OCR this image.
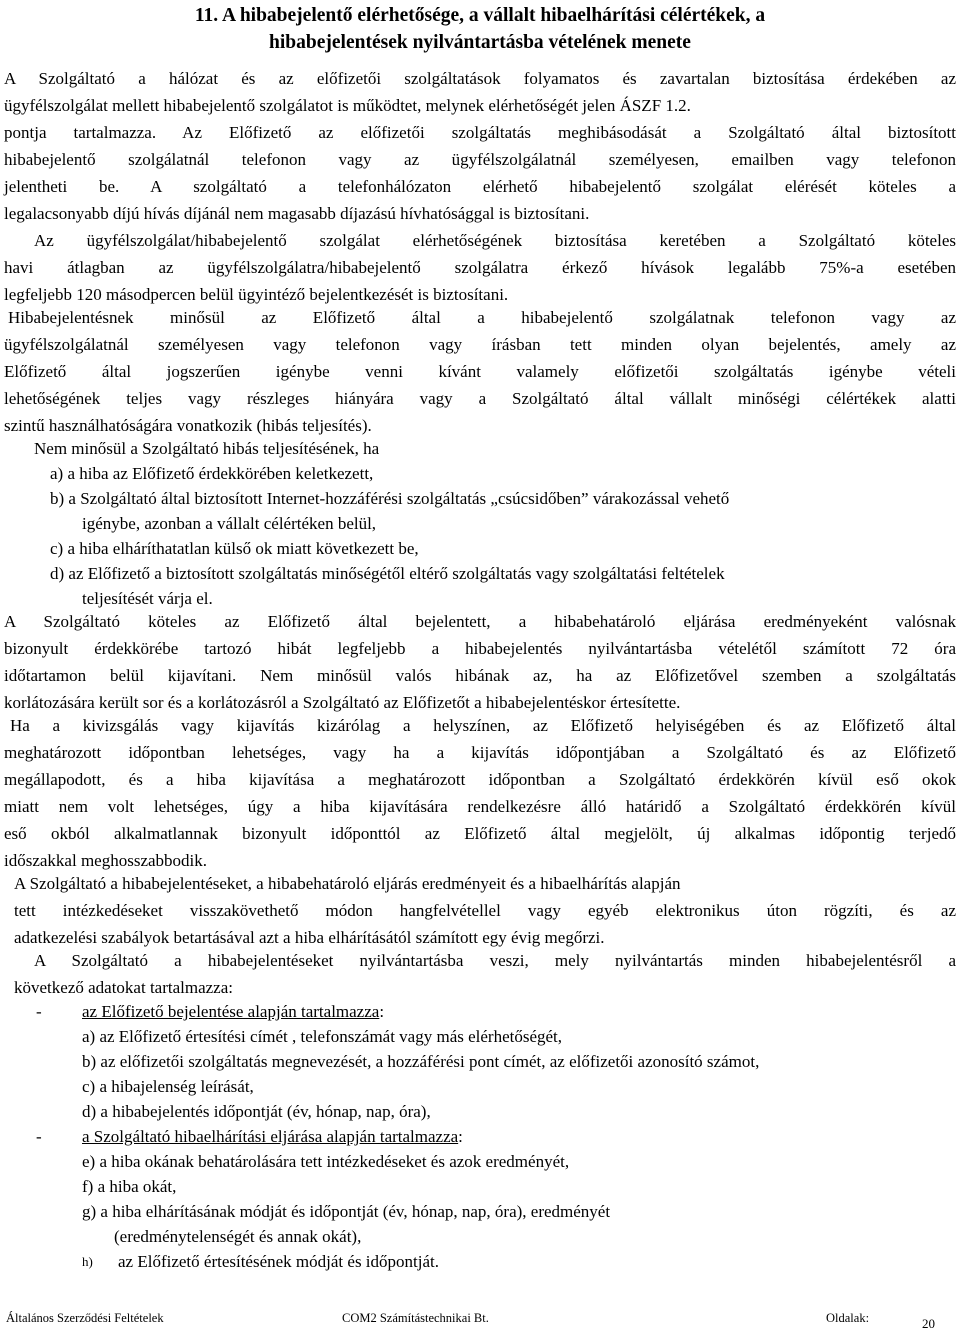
11. A hibabejelentő elérhetősége, a vállalt hibaelhárítási célértékek, a
hibabejelentések nyilvántartásba vételének menete
A Szolgáltató a hálózat és az előfizetői szolgáltatások folyamatos és zavartalan biztosítása érdekében az
ügyfélszolgálat mellett hibabejelentő szolgálatot is működtet, melynek elérhetőségét jelen ÁSZF 1.2.
pontja tartalmazza. Az Előfizető az előfizetői szolgáltatás meghibásodását a Szolgáltató által biztosított
hibabejelentő szolgálatnál telefonon vagy az ügyfélszolgálatnál személyesen, emailben vagy telefonon
jelentheti be. A szolgáltató a telefonhálózaton elérhető hibabejelentő szolgálat elérését köteles a
legalacsonyabb díjú hívás díjánál nem magasabb díjazású hívhatósággal is biztosítani.
Az ügyfélszolgálat/hibabejelentő szolgálat elérhetőségének biztosítása keretében a Szolgáltató köteles
havi átlagban az ügyfélszolgálatra/hibabejelentő szolgálatra érkező hívások legalább 75%-a esetében
legfeljebb 120 másodpercen belül ügyintéző bejelentkezését is biztosítani.
Hibabejelentésnek minősül az Előfizető által a hibabejelentő szolgálatnak telefonon vagy az
ügyfélszolgálatnál személyesen vagy telefonon vagy írásban tett minden olyan bejelentés, amely az
Előfizető által jogszerűen igénybe venni kívánt valamely előfizetői szolgáltatás igénybe vételi
lehetőségének teljes vagy részleges hiányára vagy a Szolgáltató által vállalt minőségi célértékek alatti
szintű használhatóságára vonatkozik (hibás teljesítés).
Nem minősül a Szolgáltató hibás teljesítésének, ha
a) a hiba az Előfizető érdekkörében keletkezett,
b) a Szolgáltató által biztosított Internet-hozzáférési szolgáltatás „csúcsidőben” várakozással vehető
igénybe, azonban a vállalt célértéken belül,
c) a hiba elháríthatatlan külső ok miatt következett be,
d) az Előfizető a biztosított szolgáltatás minőségétől eltérő szolgáltatás vagy szolgáltatási feltételek
teljesítését várja el.
A Szolgáltató köteles az Előfizető által bejelentett, a hibabehatároló eljárása eredményeként valósnak
bizonyult érdekkörébe tartozó hibát legfeljebb a hibabejelentés nyilvántartásba vételétől számított 72 óra
időtartamon belül kijavítani. Nem minősül valós hibának az, ha az Előfizetővel szemben a szolgáltatás
korlátozására került sor és a korlátozásról a Szolgáltató az Előfizetőt a hibabejelentéskor értesítette.
Ha a kivizsgálás vagy kijavítás kizárólag a helyszínen, az Előfizető helyiségében és az Előfizető által
meghatározott időpontban lehetséges, vagy ha a kijavítás időpontjában a Szolgáltató és az Előfizető
megállapodott, és a hiba kijavítása a meghatározott időpontban a Szolgáltató érdekkörén kívül eső okok
miatt nem volt lehetséges, úgy a hiba kijavítására rendelkezésre álló határidő a Szolgáltató érdekkörén kívül
eső okból alkalmatlannak bizonyult időponttól az Előfizető által megjelölt, új alkalmas időpontig terjedő
időszakkal meghosszabbodik.
A Szolgáltató a hibabejelentéseket, a hibabehatároló eljárás eredményeit és a hibaelhárítás alapján
tett intézkedéseket visszakövethető módon hangfelvétellel vagy egyéb elektronikus úton rögzíti, és az
adatkezelési szabályok betartásával azt a hiba elhárításától számított egy évig megőrzi.
A Szolgáltató a hibabejelentéseket nyilvántartásba veszi, mely nyilvántartás minden hibabejelentésről a
következő adatokat tartalmazza:
-	az Előfizető bejelentése alapján tartalmazza:
a) az Előfizető értesítési címét , telefonszámát vagy más elérhetőségét,
b) az előfizetői szolgáltatás megnevezését, a hozzáférési pont címét, az előfizetői azonosító számot,
c) a hibajelenség leírását,
d) a hibabejelentés időpontját (év, hónap, nap, óra),
-	a Szolgáltató hibaelhárítási eljárása alapján tartalmazza:
e) a hiba okának behatárolására tett intézkedéseket és azok eredményét,
f) a hiba okát,
g) a hiba elhárításának módját és időpontját (év, hónap, nap, óra), eredményét
(eredménytelenségét és annak okát),
h) az Előfizető értesítésének módját és időpontját.
Általános Szerződési Feltételek	COM2 Számítástechnikai Bt.	Oldalak:	20
